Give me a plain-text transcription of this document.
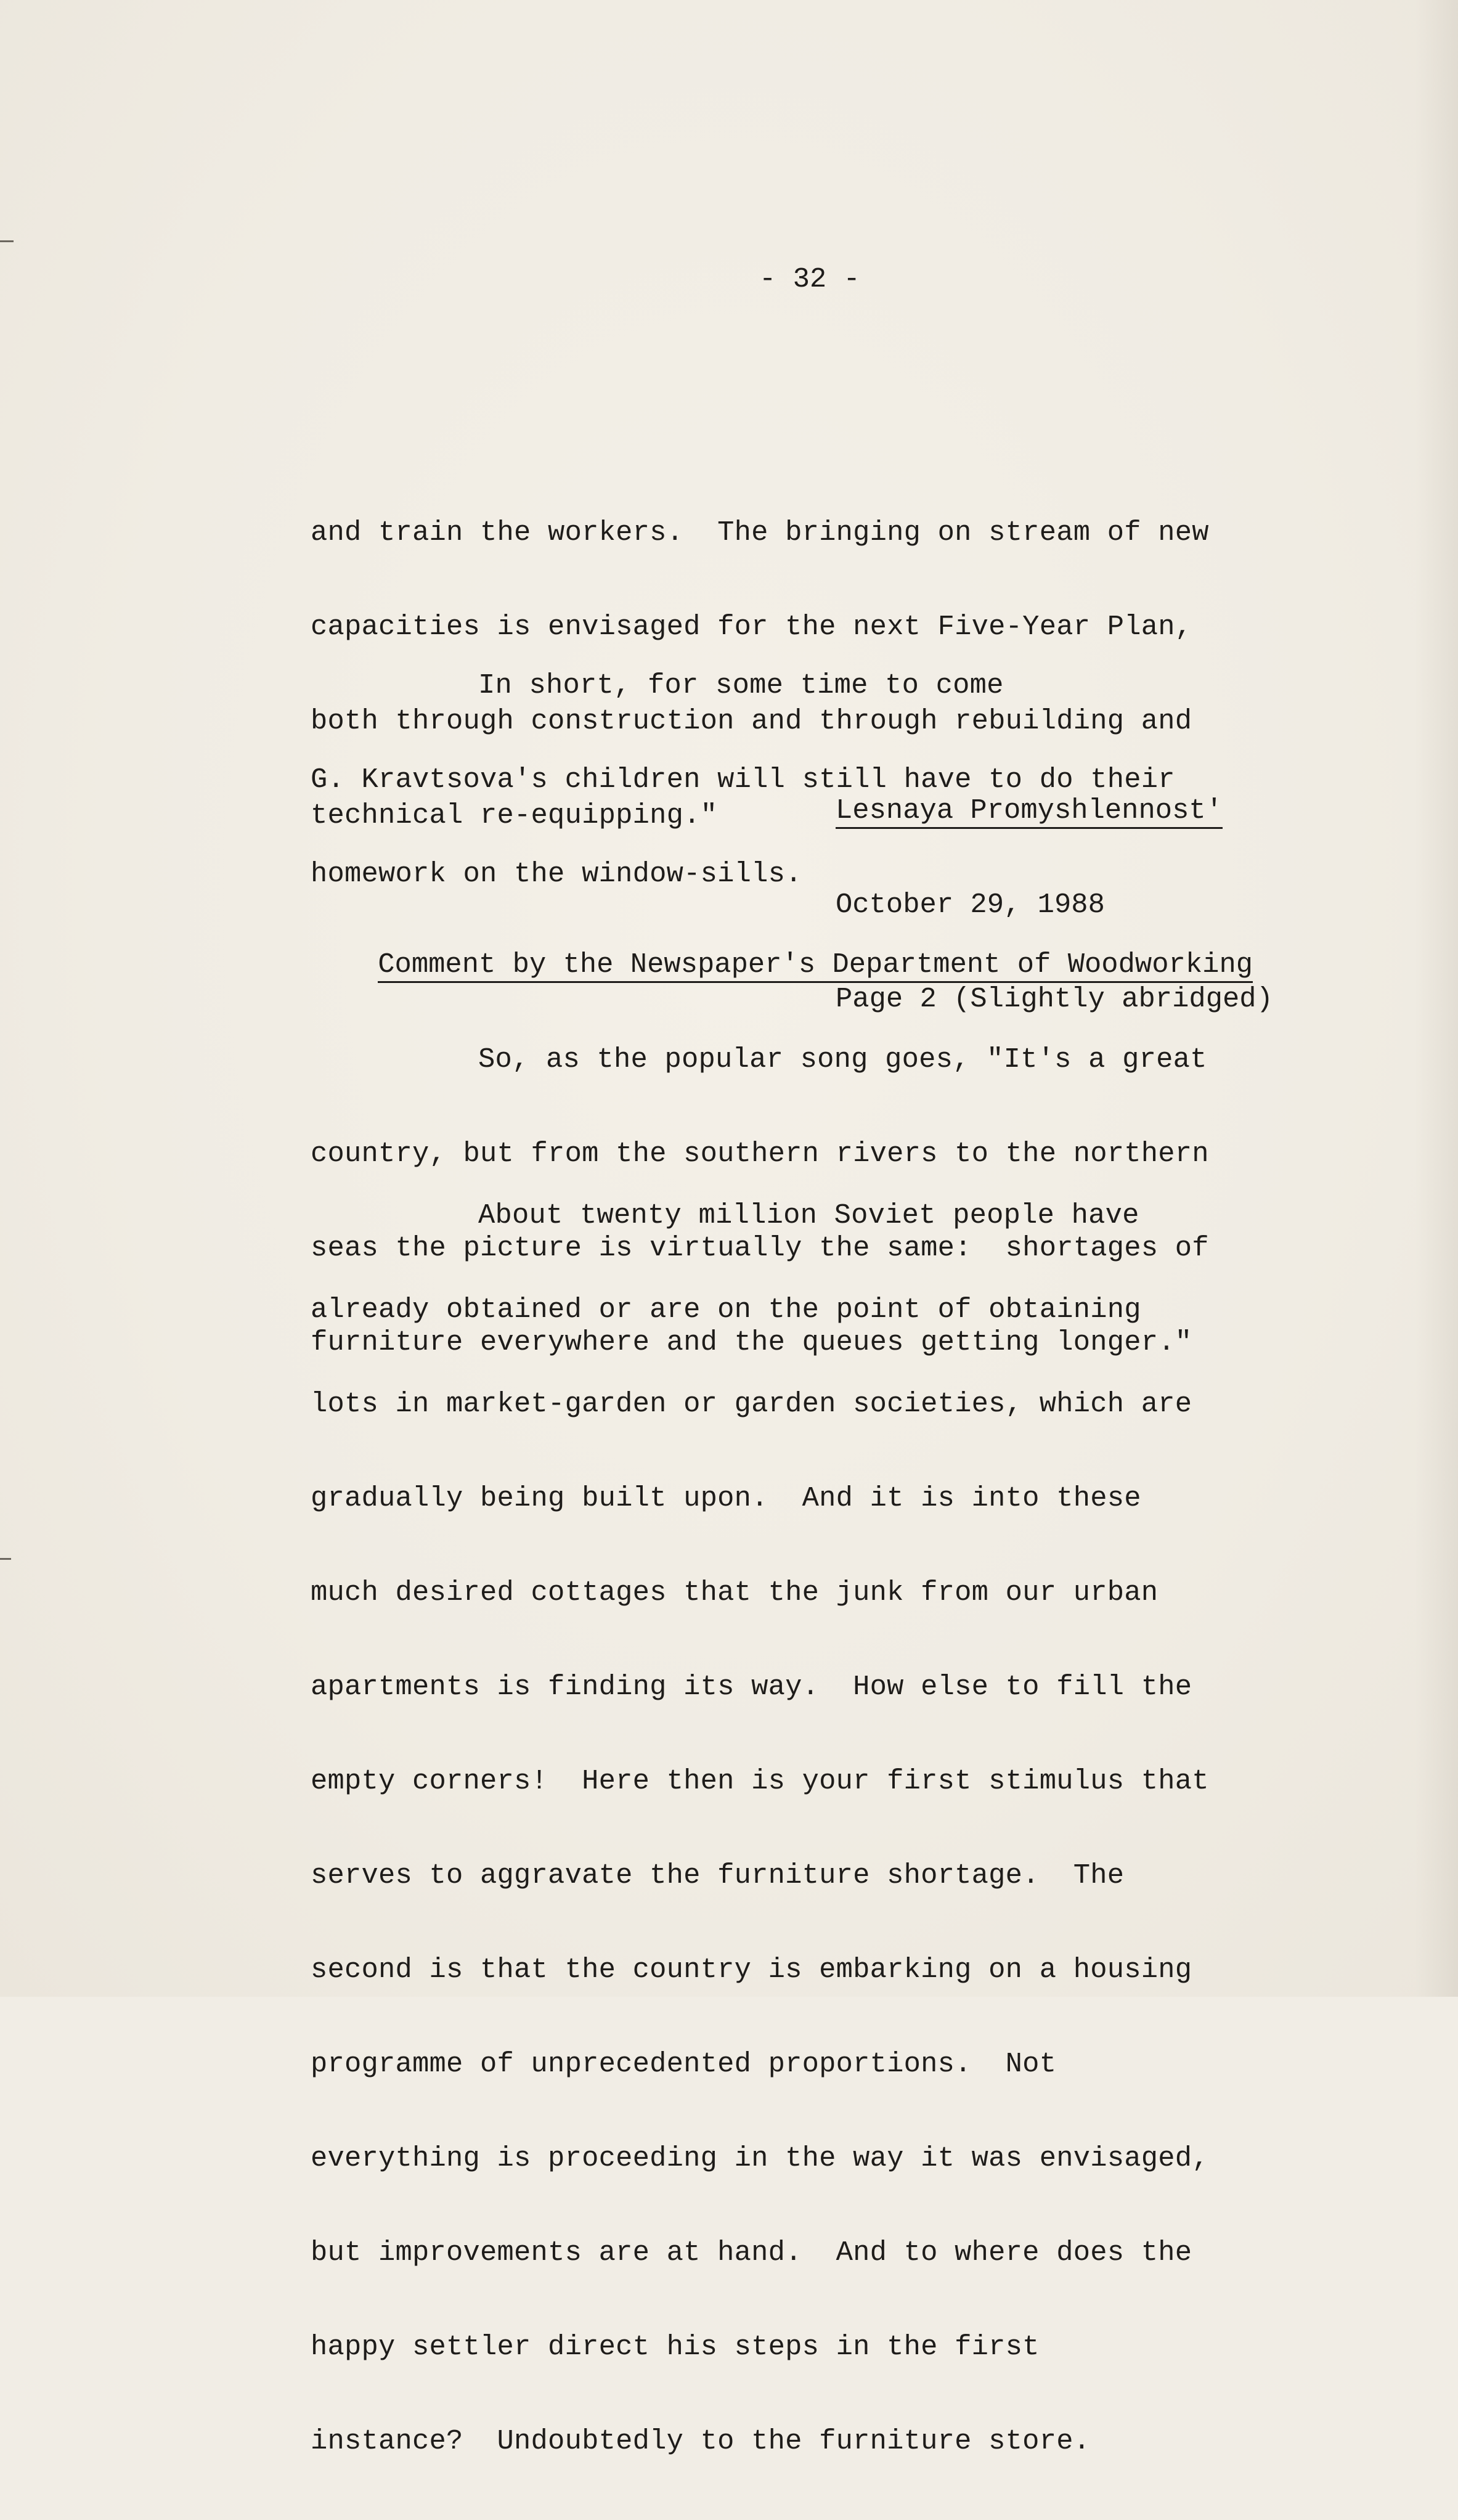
- 32 -

and train the workers.  The bringing on stream of new

capacities is envisaged for the next Five-Year Plan,

both through construction and through rebuilding and

technical re-equipping."

In short, for some time to come

G. Kravtsova's children will still have to do their

homework on the window-sills.

Lesnaya Promyshlennost'

October 29, 1988

Page 2 (Slightly abridged)

Comment by the Newspaper's Department of Woodworking

So, as the popular song goes, "It's a great

country, but from the southern rivers to the northern

seas the picture is virtually the same:  shortages of

furniture everywhere and the queues getting longer."

About twenty million Soviet people have

already obtained or are on the point of obtaining

lots in market-garden or garden societies, which are

gradually being built upon.  And it is into these

much desired cottages that the junk from our urban

apartments is finding its way.  How else to fill the

empty corners!  Here then is your first stimulus that

serves to aggravate the furniture shortage.  The

second is that the country is embarking on a housing

programme of unprecedented proportions.  Not

everything is proceeding in the way it was envisaged,

but improvements are at hand.  And to where does the

happy settler direct his steps in the first

instance?  Undoubtedly to the furniture store.
